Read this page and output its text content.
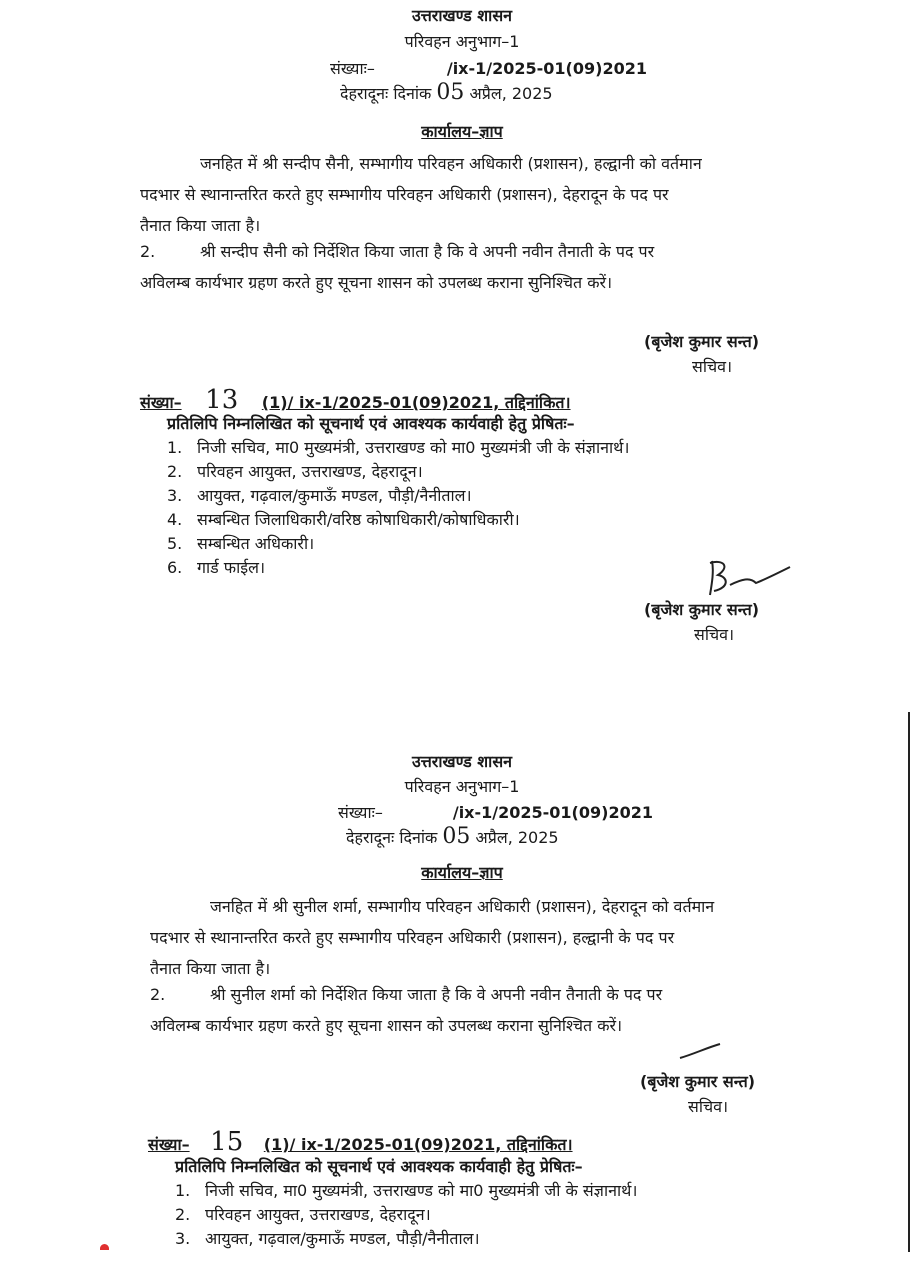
उत्तराखण्ड शासन
परिवहन अनुभाग–1
संख्याः–	/ix-1/2025-01(09)2021
देहरादूनः दिनांक 05 अप्रैल, 2025
कार्यालय–ज्ञाप
जनहित में श्री सन्दीप सैनी, सम्भागीय परिवहन अधिकारी (प्रशासन), हल्द्वानी को वर्तमान
पदभार से स्थानान्तरित करते हुए सम्भागीय परिवहन अधिकारी (प्रशासन), देहरादून के पद पर
तैनात किया जाता है।
2.	श्री सन्दीप सैनी को निर्देशित किया जाता है कि वे अपनी नवीन तैनाती के पद पर
अविलम्ब कार्यभार ग्रहण करते हुए सूचना शासन को उपलब्ध कराना सुनिश्चित करें।
(बृजेश कुमार सन्त)
सचिव।
संख्या– 13 (1)/ ix-1/2025-01(09)2021, तद्दिनांकित।
प्रतिलिपि निम्नलिखित को सूचनार्थ एवं आवश्यक कार्यवाही हेतु प्रेषितः–
1. निजी सचिव, मा0 मुख्यमंत्री, उत्तराखण्ड को मा0 मुख्यमंत्री जी के संज्ञानार्थ।
2. परिवहन आयुक्त, उत्तराखण्ड, देहरादून।
3. आयुक्त, गढ़वाल/कुमाऊँ मण्डल, पौड़ी/नैनीताल।
4. सम्बन्धित जिलाधिकारी/वरिष्ठ कोषाधिकारी/कोषाधिकारी।
5. सम्बन्धित अधिकारी।
6. गार्ड फाईल।
(बृजेश कुमार सन्त)
सचिव।
उत्तराखण्ड शासन
परिवहन अनुभाग–1
संख्याः–	/ix-1/2025-01(09)2021
देहरादूनः दिनांक 05 अप्रैल, 2025
कार्यालय–ज्ञाप
जनहित में श्री सुनील शर्मा, सम्भागीय परिवहन अधिकारी (प्रशासन), देहरादून को वर्तमान
पदभार से स्थानान्तरित करते हुए सम्भागीय परिवहन अधिकारी (प्रशासन), हल्द्वानी के पद पर
तैनात किया जाता है।
2.	श्री सुनील शर्मा को निर्देशित किया जाता है कि वे अपनी नवीन तैनाती के पद पर
अविलम्ब कार्यभार ग्रहण करते हुए सूचना शासन को उपलब्ध कराना सुनिश्चित करें।
(बृजेश कुमार सन्त)
सचिव।
संख्या– 15 (1)/ ix-1/2025-01(09)2021, तद्दिनांकित।
प्रतिलिपि निम्नलिखित को सूचनार्थ एवं आवश्यक कार्यवाही हेतु प्रेषितः–
1. निजी सचिव, मा0 मुख्यमंत्री, उत्तराखण्ड को मा0 मुख्यमंत्री जी के संज्ञानार्थ।
2. परिवहन आयुक्त, उत्तराखण्ड, देहरादून।
3. आयुक्त, गढ़वाल/कुमाऊँ मण्डल, पौड़ी/नैनीताल।
